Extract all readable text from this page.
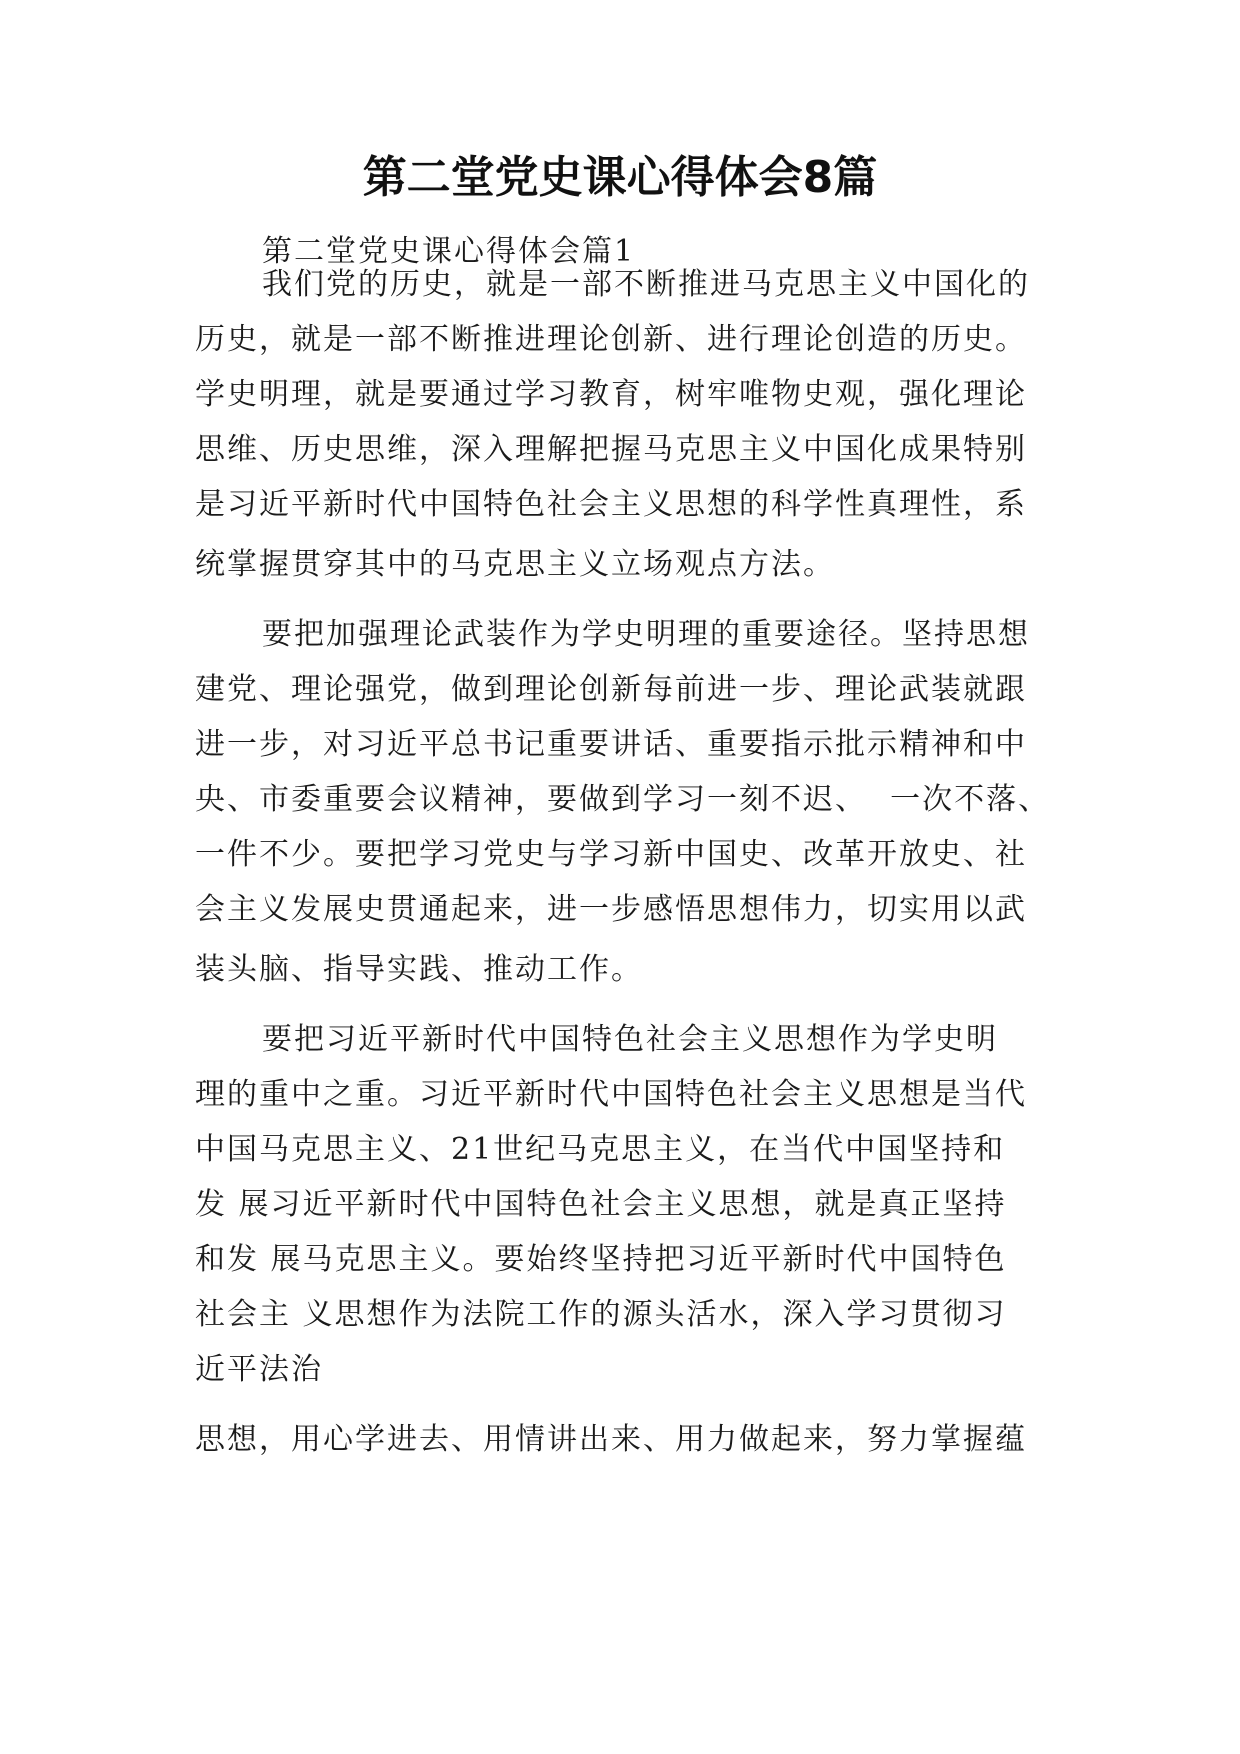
第二堂党史课心得体会8篇
第二堂党史课心得体会篇1
我们党的历史，就是一部不断推进马克思主义中国化的
历史，就是一部不断推进理论创新、进行理论创造的历史。
学史明理，就是要通过学习教育，树牢唯物史观，强化理论
思维、历史思维，深入理解把握马克思主义中国化成果特别
是习近平新时代中国特色社会主义思想的科学性真理性，系
统掌握贯穿其中的马克思主义立场观点方法。
要把加强理论武装作为学史明理的重要途径。坚持思想
建党、理论强党，做到理论创新每前进一步、理论武装就跟
进一步，对习近平总书记重要讲话、重要指示批示精神和中
央、市委重要会议精神，要做到学习一刻不迟、  一次不落、
一件不少。要把学习党史与学习新中国史、改革开放史、社
会主义发展史贯通起来，进一步感悟思想伟力，切实用以武
装头脑、指导实践、推动工作。
要把习近平新时代中国特色社会主义思想作为学史明
理的重中之重。习近平新时代中国特色社会主义思想是当代
中国马克思主义、21世纪马克思主义，在当代中国坚持和
发 展习近平新时代中国特色社会主义思想，就是真正坚持
和发 展马克思主义。要始终坚持把习近平新时代中国特色
社会主 义思想作为法院工作的源头活水，深入学习贯彻习
近平法治
思想，用心学进去、用情讲出来、用力做起来，努力掌握蕴
